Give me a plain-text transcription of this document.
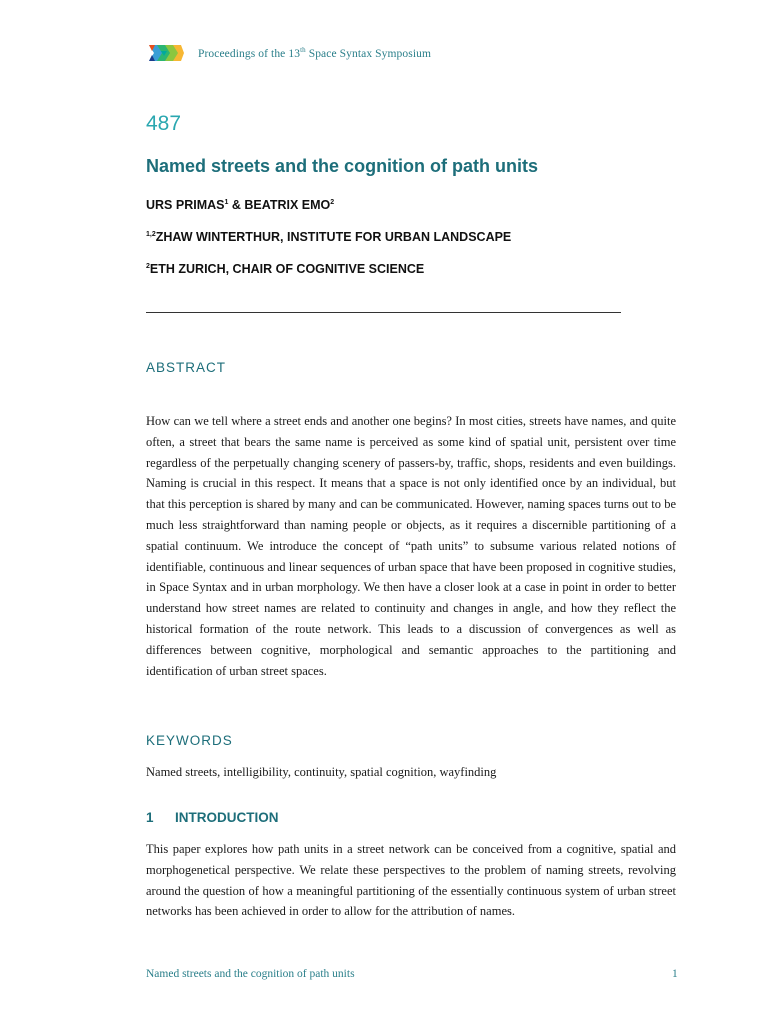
Proceedings of the 13th Space Syntax Symposium
487
Named streets and the cognition of path units
URS PRIMAS$^1$ & BEATRIX EMO$^2$
$^{1,2}$ZHAW WINTERTHUR, INSTITUTE FOR URBAN LANDSCAPE
$^2$ETH ZURICH, CHAIR OF COGNITIVE SCIENCE
ABSTRACT
How can we tell where a street ends and another one begins? In most cities, streets have names, and quite often, a street that bears the same name is perceived as some kind of spatial unit, persistent over time regardless of the perpetually changing scenery of passers-by, traffic, shops, residents and even buildings. Naming is crucial in this respect. It means that a space is not only identified once by an individual, but that this perception is shared by many and can be communicated. However, naming spaces turns out to be much less straightforward than naming people or objects, as it requires a discernible partitioning of a spatial continuum. We introduce the concept of “path units” to subsume various related notions of identifiable, continuous and linear sequences of urban space that have been proposed in cognitive studies, in Space Syntax and in urban morphology. We then have a closer look at a case in point in order to better understand how street names are related to continuity and changes in angle, and how they reflect the historical formation of the route network. This leads to a discussion of convergences as well as differences between cognitive, morphological and semantic approaches to the partitioning and identification of urban street spaces.
KEYWORDS
Named streets, intelligibility, continuity, spatial cognition, wayfinding
1	INTRODUCTION
This paper explores how path units in a street network can be conceived from a cognitive, spatial and morphogenetical perspective. We relate these perspectives to the problem of naming streets, revolving around the question of how a meaningful partitioning of the essentially continuous system of urban street networks has been achieved in order to allow for the attribution of names.
Named streets and the cognition of path units	1
